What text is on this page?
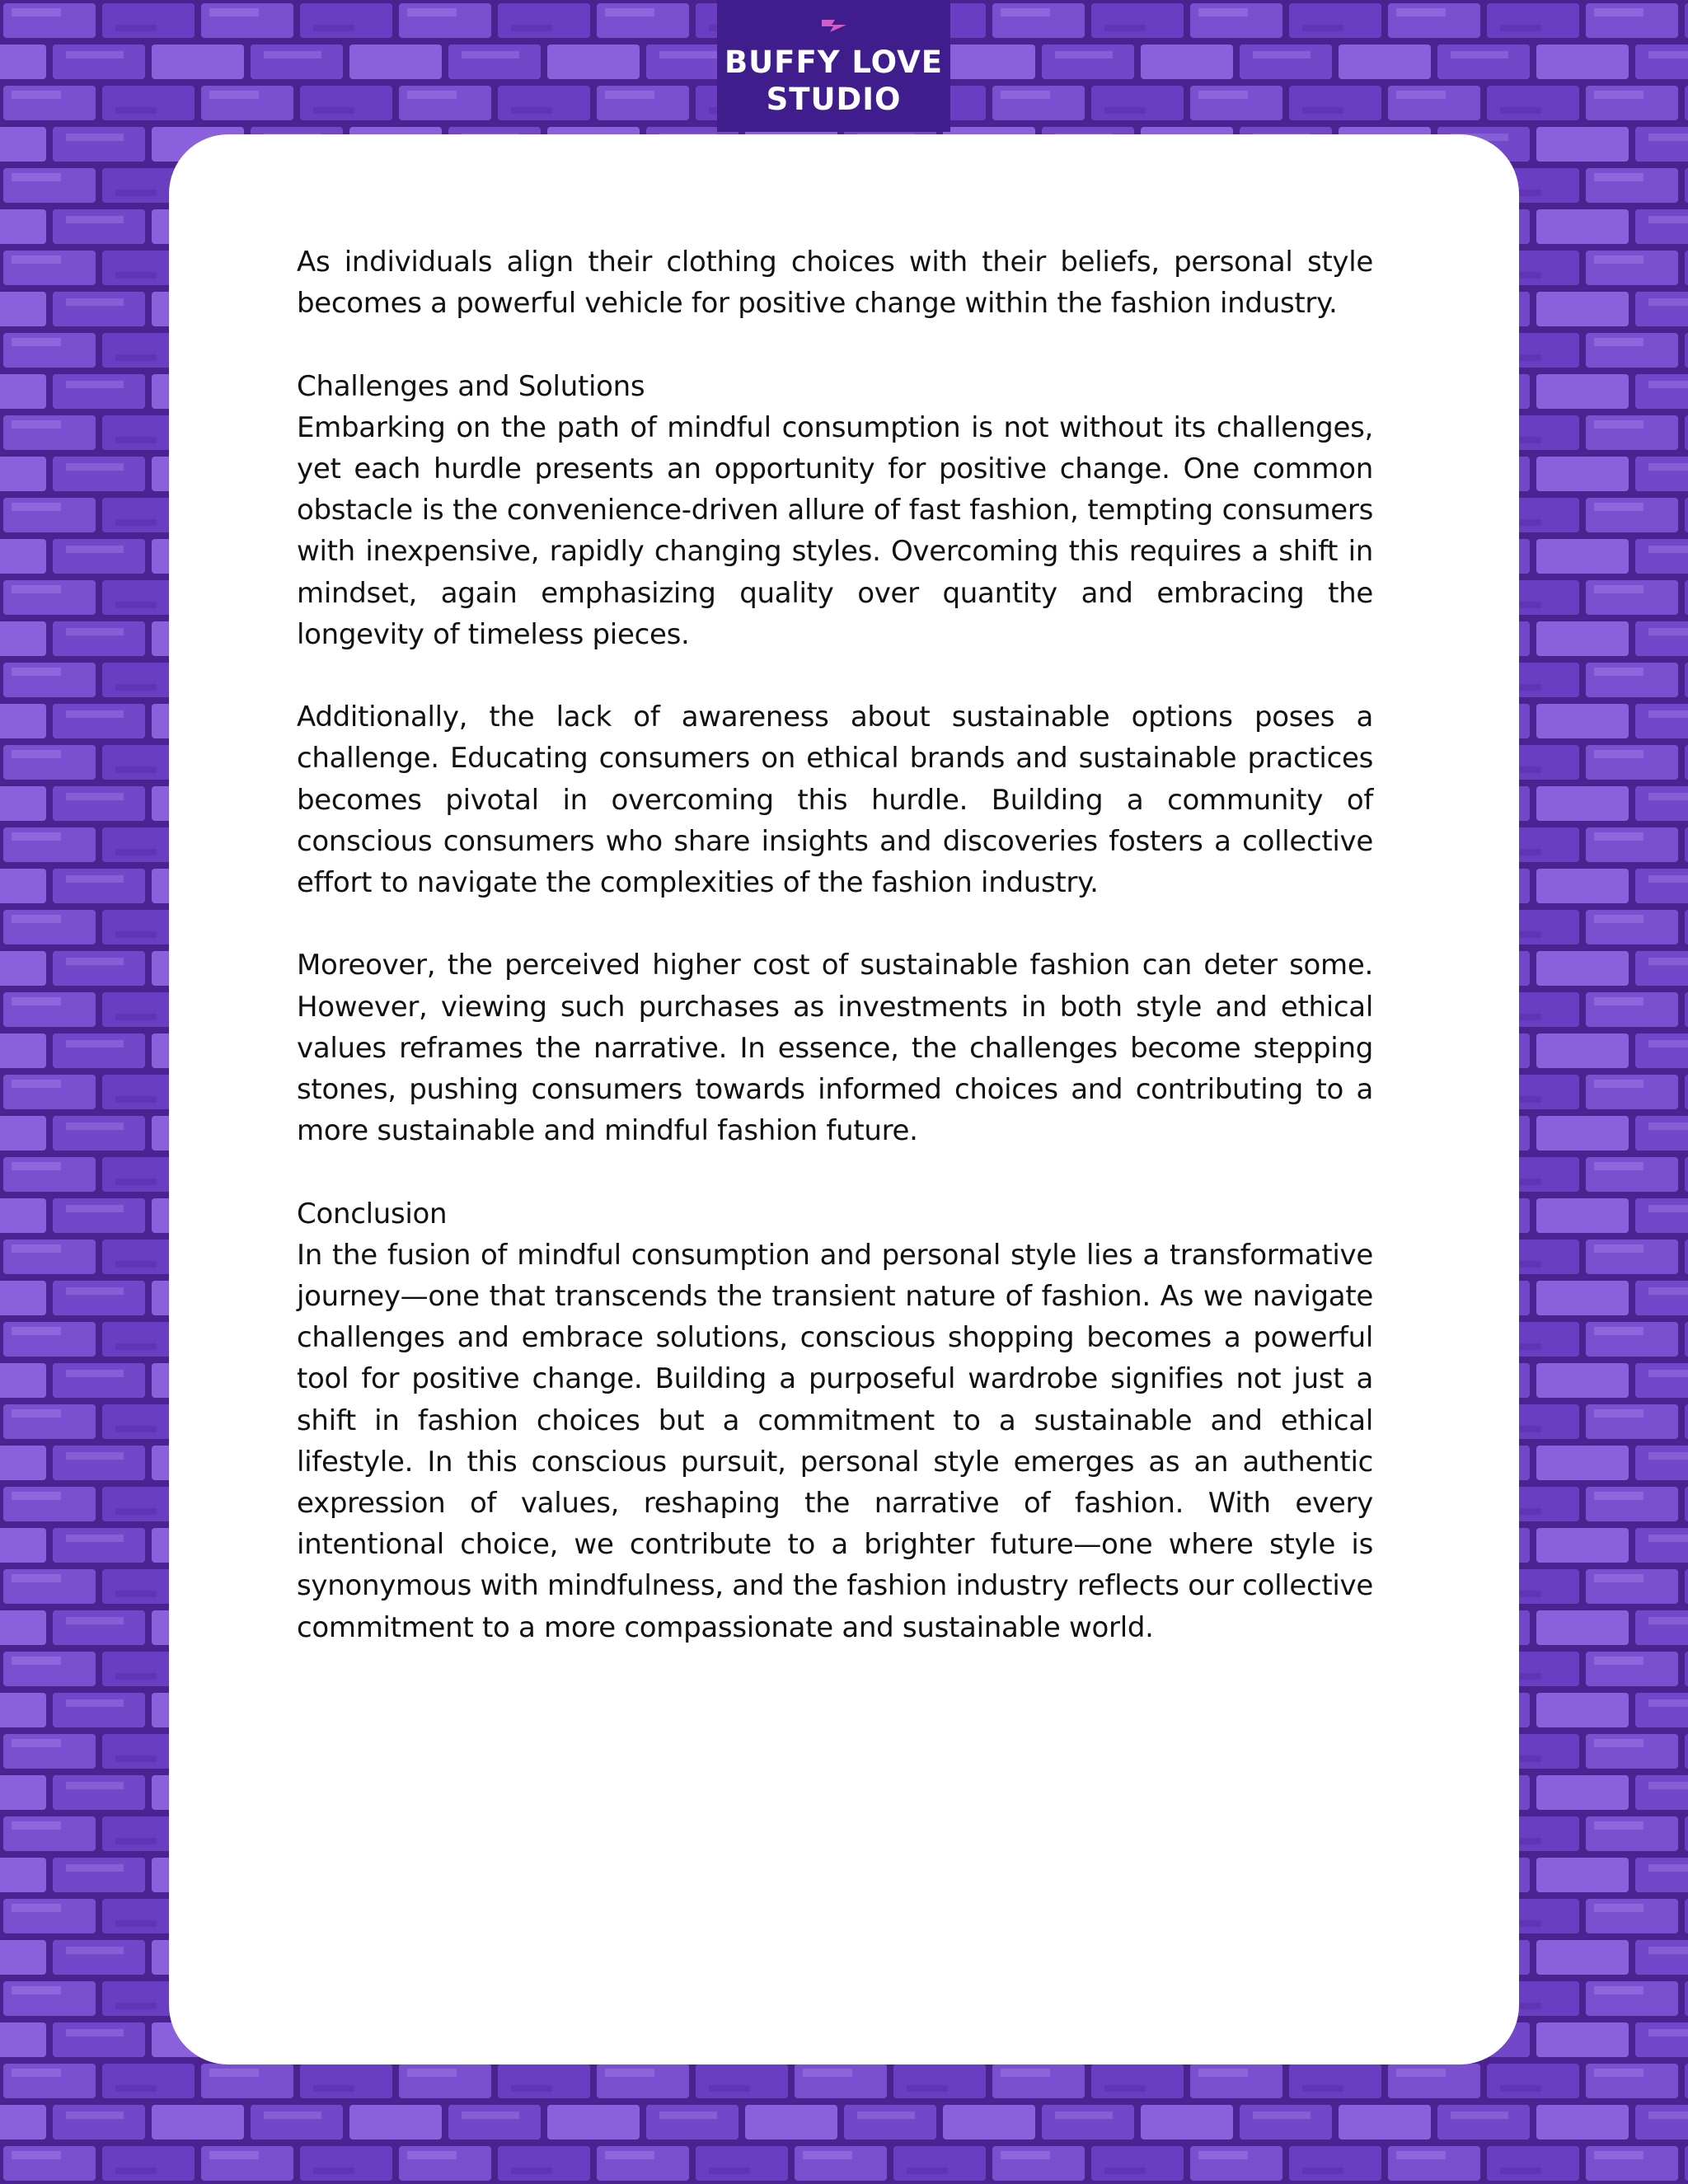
BUFFY LOVE
STUDIO

As individuals align their clothing choices with their beliefs, personal style becomes a powerful vehicle for positive change within the fashion industry.

Challenges and Solutions

Embarking on the path of mindful consumption is not without its challenges, yet each hurdle presents an opportunity for positive change. One common obstacle is the convenience-driven allure of fast fashion, tempting consumers with inexpensive, rapidly changing styles. Overcoming this requires a shift in mindset, again emphasizing quality over quantity and embracing the longevity of timeless pieces.

Additionally, the lack of awareness about sustainable options poses a challenge. Educating consumers on ethical brands and sustainable practices becomes pivotal in overcoming this hurdle. Building a community of conscious consumers who share insights and discoveries fosters a collective effort to navigate the complexities of the fashion industry.

Moreover, the perceived higher cost of sustainable fashion can deter some. However, viewing such purchases as investments in both style and ethical values reframes the narrative. In essence, the challenges become stepping stones, pushing consumers towards informed choices and contributing to a more sustainable and mindful fashion future.

Conclusion

In the fusion of mindful consumption and personal style lies a transformative journey—one that transcends the transient nature of fashion. As we navigate challenges and embrace solutions, conscious shopping becomes a powerful tool for positive change. Building a purposeful wardrobe signifies not just a shift in fashion choices but a commitment to a sustainable and ethical lifestyle. In this conscious pursuit, personal style emerges as an authentic expression of values, reshaping the narrative of fashion. With every intentional choice, we contribute to a brighter future—one where style is synonymous with mindfulness, and the fashion industry reflects our collective commitment to a more compassionate and sustainable world.
